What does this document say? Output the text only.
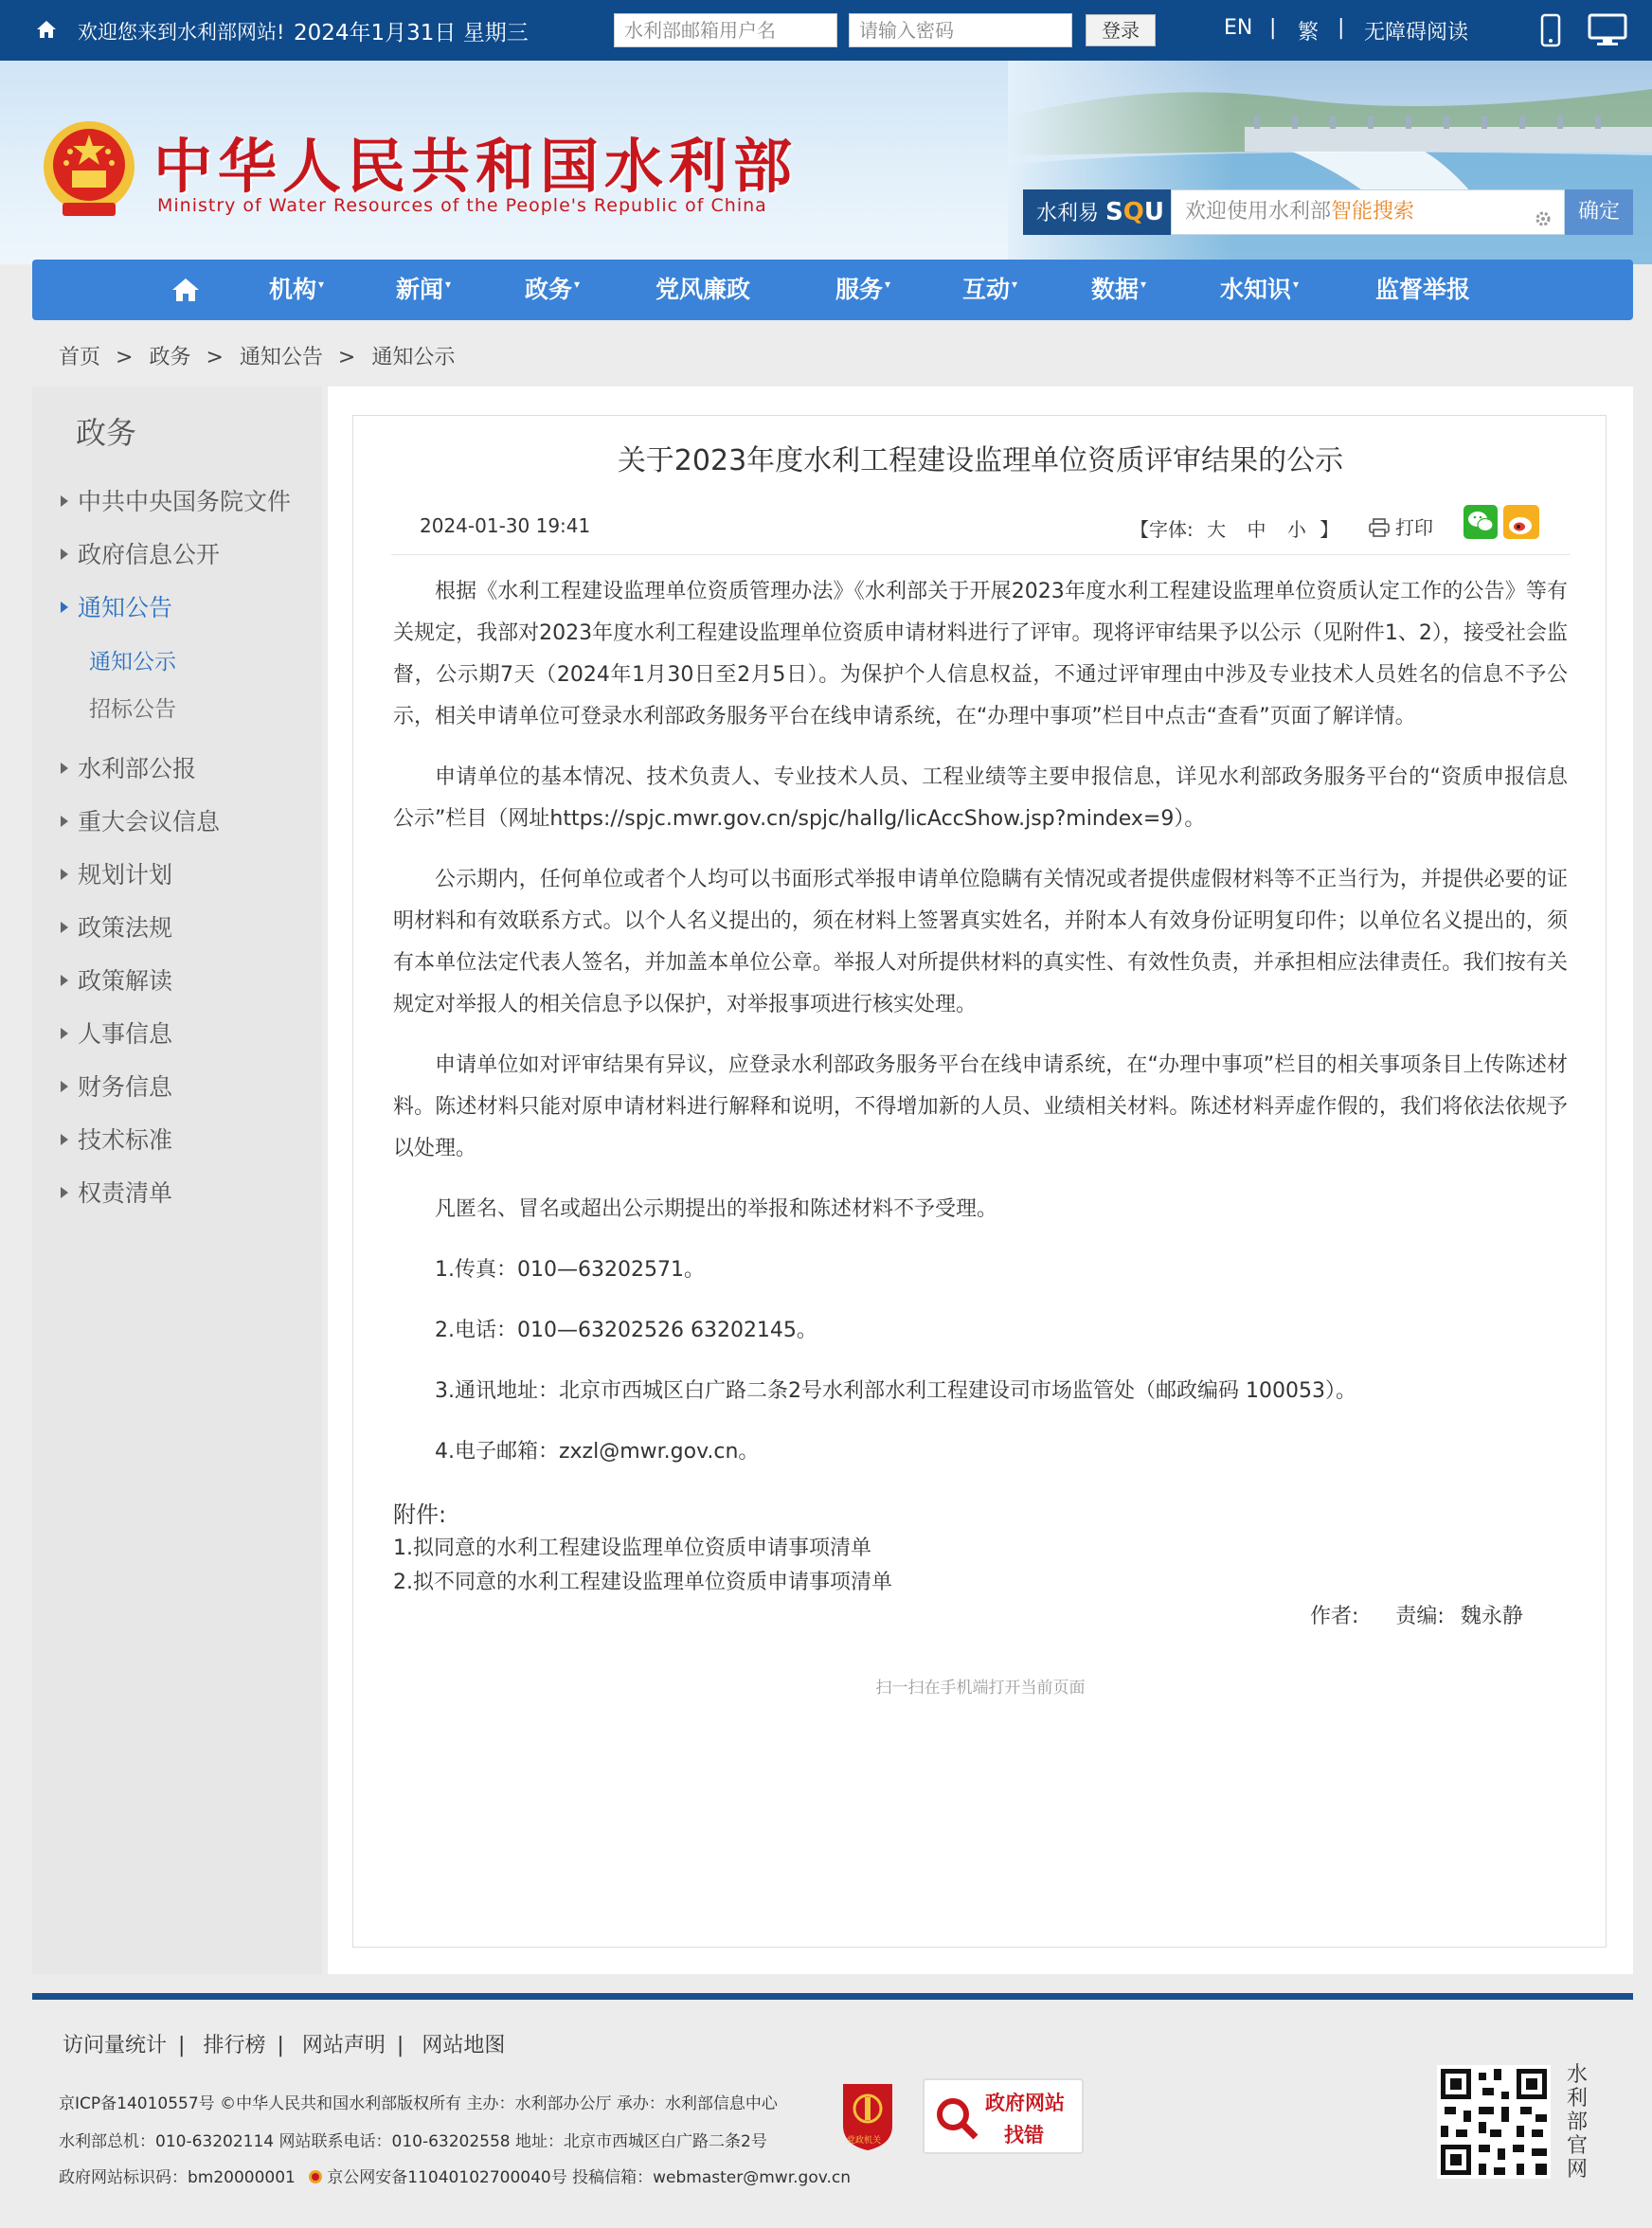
欢迎您来到水利部网站! 2024年1月31日 星期三
水利部邮箱用户名	登录	EN | 繁 | 无障碍阅读
中华人民共和国水利部
Ministry of Water Resources of the People's Republic of China	水利易 SQU	欢迎使用水利部智能搜索	确定
机构 ▾	新闻 ▾	政务 ▾	党风廉政	服务 ▾	互动 ▾	数据 ▾	水知识 ▾	监督举报
首页 > 政务 > 通知公告 > 通知公示
政务
中共中央国务院文件
政府信息公开
通知公告
通知公示
招标公告
水利部公报
重大会议信息
规划计划
政策法规
政策解读
人事信息
财务信息
技术标准
权责清单
关于2023年度水利工程建设监理单位资质评审结果的公示
2024-01-30 19:41	【字体: 大 中 小 】	打印

根据《水利工程建设监理单位资质管理办法》《水利部关于开展2023年度水利工程建设监理单位资质认定工作的公告》等有关规定，我部对2023年度水利工程建设监理单位资质申请材料进行了评审。现将评审结果予以公示（见附件1、2），接受社会监督，公示期7天（2024年1月30日至2月5日）。为保护个人信息权益，不通过评审理由中涉及专业技术人员姓名的信息不予公示，相关申请单位可登录水利部政务服务平台在线申请系统，在“办理中事项”栏目中点击“查看”页面了解详情。

申请单位的基本情况、技术负责人、专业技术人员、工程业绩等主要申报信息，详见水利部政务服务平台的“资质申报信息公示”栏目（网址https://spjc.mwr.gov.cn/spjc/hallg/licAccShow.jsp?mindex=9）。

公示期内，任何单位或者个人均可以书面形式举报申请单位隐瞒有关情况或者提供虚假材料等不正当行为，并提供必要的证明材料和有效联系方式。以个人名义提出的，须在材料上签署真实姓名，并附本人有效身份证明复印件；以单位名义提出的，须有本单位法定代表人签名，并加盖本单位公章。举报人对所提供材料的真实性、有效性负责，并承担相应法律责任。我们按有关规定对举报人的相关信息予以保护，对举报事项进行核实处理。

申请单位如对评审结果有异议，应登录水利部政务服务平台在线申请系统，在“办理中事项”栏目的相关事项条目上传陈述材料。陈述材料只能对原申请材料进行解释和说明，不得增加新的人员、业绩相关材料。陈述材料弄虚作假的，我们将依法依规予以处理。

凡匿名、冒名或超出公示期提出的举报和陈述材料不予受理。

1.传真：010—63202571。

2.电话：010—63202526 63202145。

3.通讯地址：北京市西城区白广路二条2号水利部水利工程建设司市场监管处（邮政编码 100053）。

4.电子邮箱：zxzl@mwr.gov.cn。

附件:
1.拟同意的水利工程建设监理单位资质申请事项清单
2.拟不同意的水利工程建设监理单位资质申请事项清单
作者: 责编: 魏永静
扫一扫在手机端打开当前页面
访问量统计 | 排行榜 | 网站声明 | 网站地图
京ICP备14010557号 ©中华人民共和国水利部版权所有 主办：水利部办公厅 承办：水利部信息中心
水利部总机：010-63202114 网站联系电话：010-63202558 地址：北京市西城区白广路二条2号
政府网站标识码：bm20000001 京公网安备11040102700040号 投稿信箱：webmaster@mwr.gov.cn
党政机关
政府网站
找错
水利部官网
